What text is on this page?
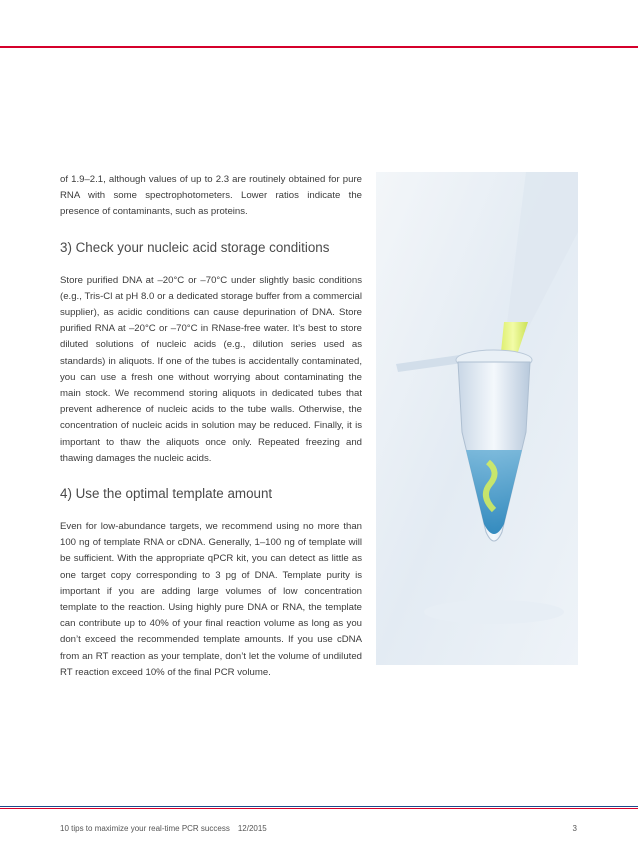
of 1.9–2.1, although values of up to 2.3 are routinely obtained for pure RNA with some spectrophotometers. Lower ratios indicate the presence of contaminants, such as proteins.

3) Check your nucleic acid storage conditions

Store purified DNA at –20°C or –70°C under slightly basic conditions (e.g., Tris-Cl at pH 8.0 or a dedicated storage buffer from a commercial supplier), as acidic conditions can cause depurination of DNA. Store purified RNA at –20°C or –70°C in RNase-free water. It’s best to store diluted solutions of nucleic acids (e.g., dilution series used as standards) in aliquots. If one of the tubes is accidentally contaminated, you can use a fresh one without worrying about contaminating the main stock. We recommend storing aliquots in dedicated tubes that prevent adherence of nucleic acids to the tube walls. Otherwise, the concentration of nucleic acids in solution may be reduced. Finally, it is important to thaw the aliquots once only. Repeated freezing and thawing damages the nucleic acids.

4) Use the optimal template amount

Even for low-abundance targets, we recommend using no more than 100 ng of template RNA or cDNA. Generally, 1–100 ng of template will be sufficient. With the appropriate qPCR kit, you can detect as little as one target copy corresponding to 3 pg of DNA. Template purity is important if you are adding large volumes of low concentration template to the reaction. Using highly pure DNA or RNA, the template can contribute up to 40% of your final reaction volume as long as you don’t exceed the recommended template amounts. If you use cDNA from an RT reaction as your template, don’t let the volume of undiluted RT reaction exceed 10% of the final PCR volume.

10 tips to maximize your real-time PCR success 12/2015	3
